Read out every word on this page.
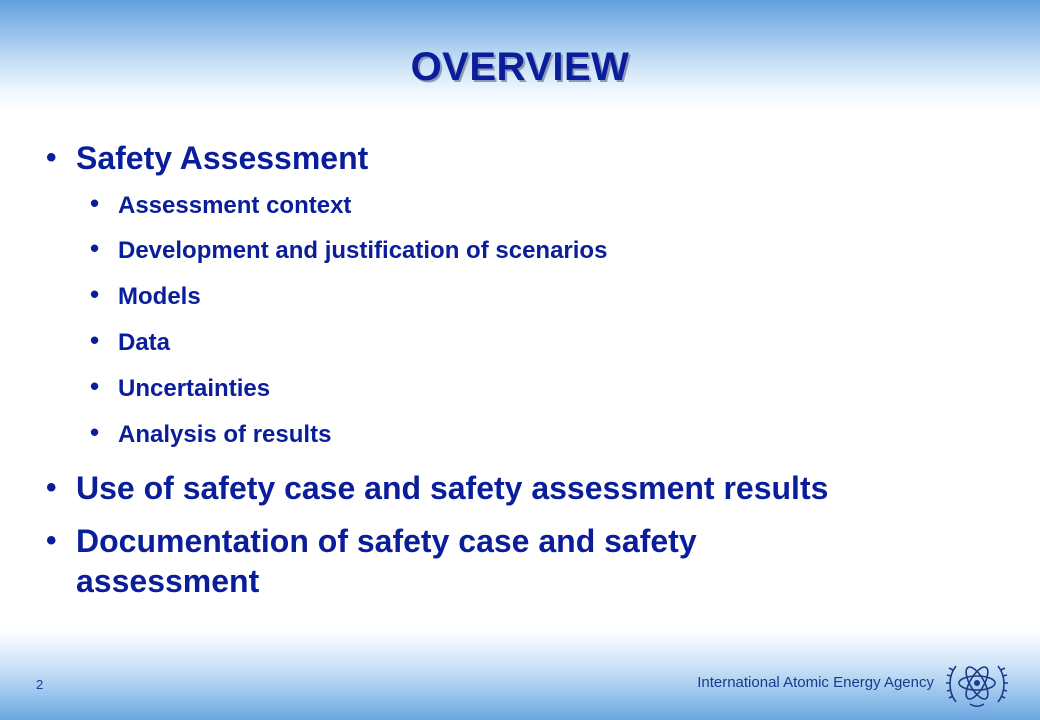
OVERVIEW
• Safety Assessment
• Assessment context
• Development and justification of scenarios
• Models
• Data
• Uncertainties
• Analysis of results
• Use of safety case and safety assessment results
• Documentation of safety case and safety assessment
2	International Atomic Energy Agency
